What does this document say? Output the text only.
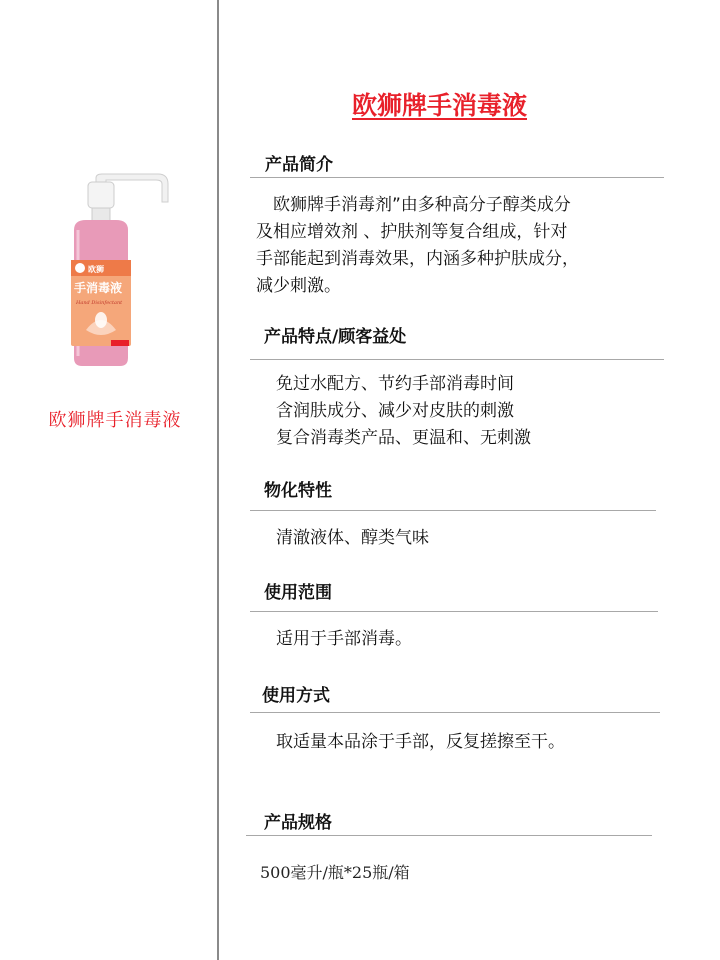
欧狮
手消毒液
Hand Disinfectant
欧狮牌手消毒液
欧狮牌手消毒液
产品简介
　欧狮牌手消毒剂”由多种高分子醇类成分
及相应增效剂 、护肤剂等复合组成，针对
手部能起到消毒效果，内涵多种护肤成分，
减少刺激。
产品特点/顾客益处
免过水配方、节约手部消毒时间
含润肤成分、减少对皮肤的刺激
复合消毒类产品、更温和、无刺激
物化特性
清澈液体、醇类气味
使用范围
适用于手部消毒。
使用方式
取适量本品涂于手部，反复搓擦至干。
产品规格
500毫升/瓶*25瓶/箱
